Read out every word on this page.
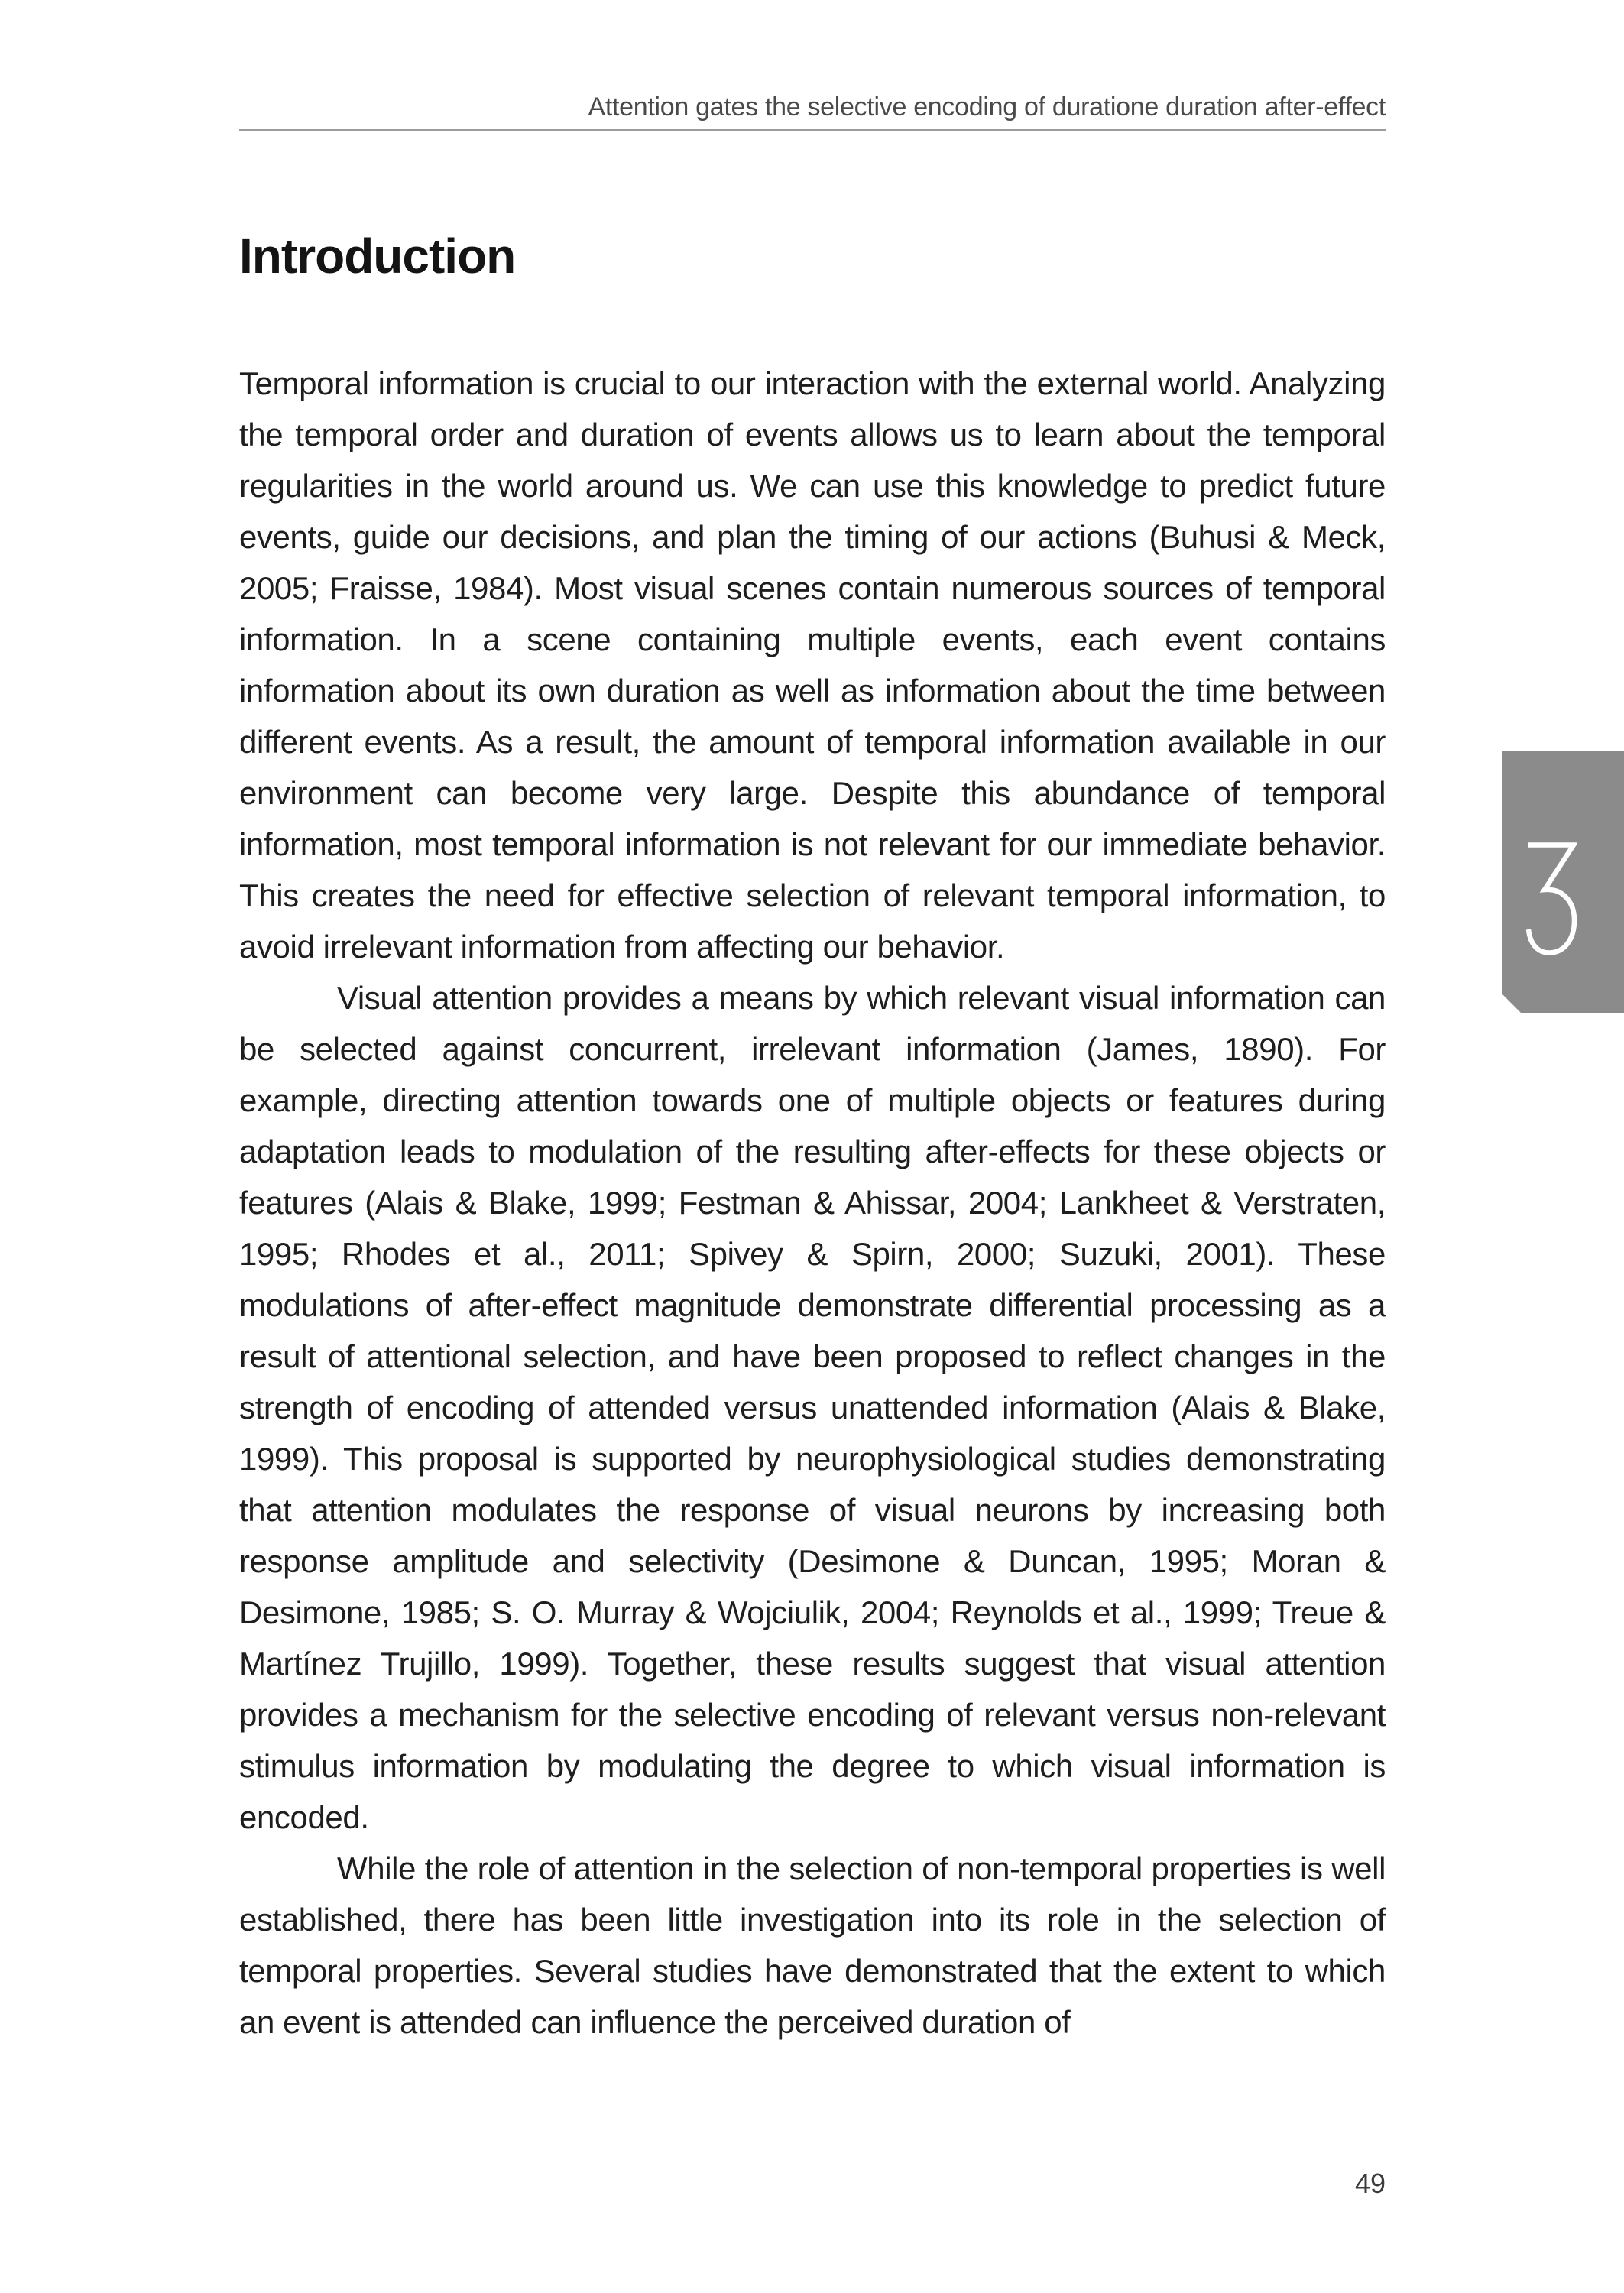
Attention gates the selective encoding of duratione duration after-effect
Introduction

Temporal information is crucial to our interaction with the external world. Analyzing the temporal order and duration of events allows us to learn about the temporal regularities in the world around us. We can use this knowledge to predict future events, guide our decisions, and plan the timing of our actions (Buhusi & Meck, 2005; Fraisse, 1984). Most visual scenes contain numerous sources of temporal information. In a scene containing multiple events, each event contains information about its own duration as well as information about the time between different events. As a result, the amount of temporal information available in our environment can become very large. Despite this abundance of temporal information, most temporal information is not relevant for our immediate behavior. This creates the need for effective selection of relevant temporal information, to avoid irrelevant information from affecting our behavior.

Visual attention provides a means by which relevant visual information can be selected against concurrent, irrelevant information (James, 1890). For example, directing attention towards one of multiple objects or features during adaptation leads to modulation of the resulting after-effects for these objects or features (Alais & Blake, 1999; Festman & Ahissar, 2004; Lankheet & Verstraten, 1995; Rhodes et al., 2011; Spivey & Spirn, 2000; Suzuki, 2001). These modulations of after-effect magnitude demonstrate differential processing as a result of attentional selection, and have been proposed to reflect changes in the strength of encoding of attended versus unattended information (Alais & Blake, 1999). This proposal is supported by neurophysiological studies demonstrating that attention modulates the response of visual neurons by increasing both response amplitude and selectivity (Desimone & Duncan, 1995; Moran & Desimone, 1985; S. O. Murray & Wojciulik, 2004; Reynolds et al., 1999; Treue & Martínez Trujillo, 1999). Together, these results suggest that visual attention provides a mechanism for the selective encoding of relevant versus non-relevant stimulus information by modulating the degree to which visual information is encoded.

While the role of attention in the selection of non-temporal properties is well established, there has been little investigation into its role in the selection of temporal properties. Several studies have demonstrated that the extent to which an event is attended can influence the perceived duration of

49
